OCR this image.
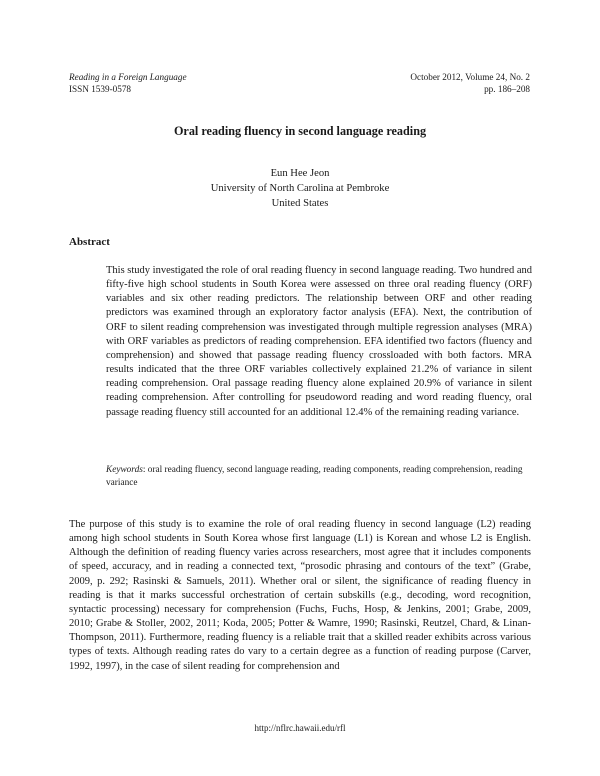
Reading in a Foreign Language
ISSN 1539-0578
October 2012, Volume 24, No. 2
pp. 186–208
Oral reading fluency in second language reading
Eun Hee Jeon
University of North Carolina at Pembroke
United States
Abstract

This study investigated the role of oral reading fluency in second language reading. Two hundred and fifty-five high school students in South Korea were assessed on three oral reading fluency (ORF) variables and six other reading predictors. The relationship between ORF and other reading predictors was examined through an exploratory factor analysis (EFA). Next, the contribution of ORF to silent reading comprehension was investigated through multiple regression analyses (MRA) with ORF variables as predictors of reading comprehension. EFA identified two factors (fluency and comprehension) and showed that passage reading fluency crossloaded with both factors. MRA results indicated that the three ORF variables collectively explained 21.2% of variance in silent reading comprehension. Oral passage reading fluency alone explained 20.9% of variance in silent reading comprehension. After controlling for pseudoword reading and word reading fluency, oral passage reading fluency still accounted for an additional 12.4% of the remaining reading variance.

Keywords: oral reading fluency, second language reading, reading components, reading comprehension, reading variance

The purpose of this study is to examine the role of oral reading fluency in second language (L2) reading among high school students in South Korea whose first language (L1) is Korean and whose L2 is English. Although the definition of reading fluency varies across researchers, most agree that it includes components of speed, accuracy, and in reading a connected text, “prosodic phrasing and contours of the text” (Grabe, 2009, p. 292; Rasinski & Samuels, 2011). Whether oral or silent, the significance of reading fluency in reading is that it marks successful orchestration of certain subskills (e.g., decoding, word recognition, syntactic processing) necessary for comprehension (Fuchs, Fuchs, Hosp, & Jenkins, 2001; Grabe, 2009, 2010; Grabe & Stoller, 2002, 2011; Koda, 2005; Potter & Wamre, 1990; Rasinski, Reutzel, Chard, & Linan-Thompson, 2011). Furthermore, reading fluency is a reliable trait that a skilled reader exhibits across various types of texts. Although reading rates do vary to a certain degree as a function of reading purpose (Carver, 1992, 1997), in the case of silent reading for comprehension and

http://nflrc.hawaii.edu/rfl
